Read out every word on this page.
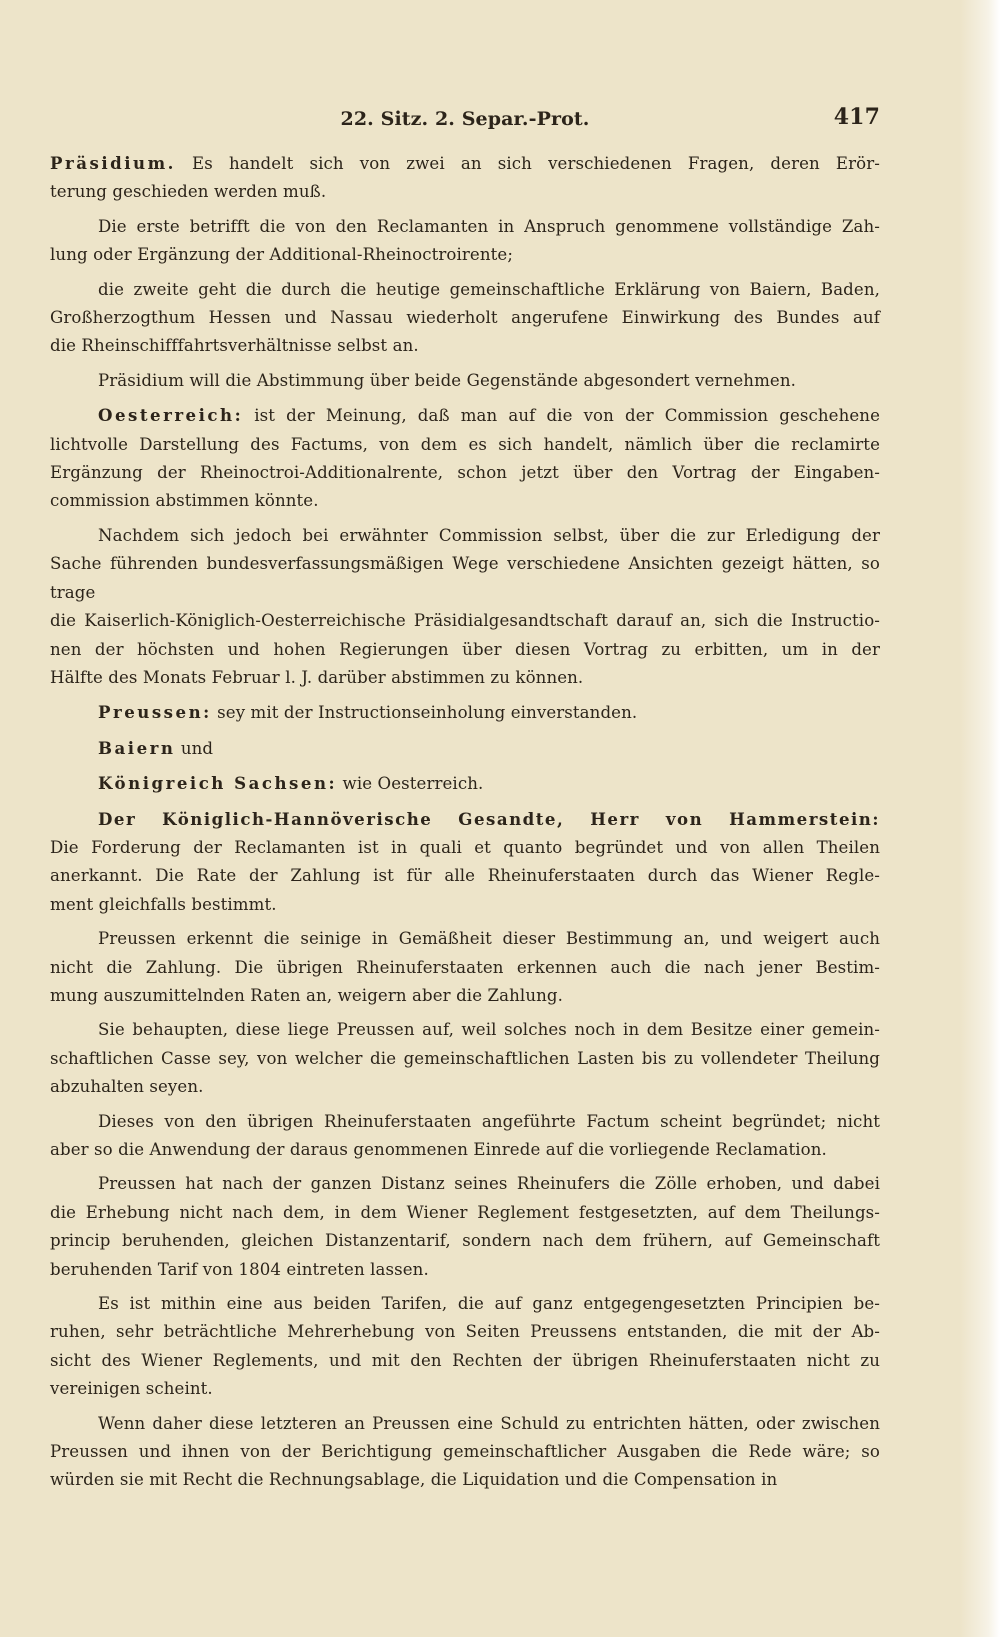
22. Sitz. 2. Separ.-Prot.	417

Präsidium. Es handelt sich von zwei an sich verschiedenen Fragen, deren Erör-
terung geschieden werden muß.

Die erste betrifft die von den Reclamanten in Anspruch genommene vollständige Zah-
lung oder Ergänzung der Additional-Rheinoctroirente;

die zweite geht die durch die heutige gemeinschaftliche Erklärung von Baiern, Baden,
Großherzogthum Hessen und Nassau wiederholt angerufene Einwirkung des Bundes auf
die Rheinschifffahrtsverhältnisse selbst an.

Präsidium will die Abstimmung über beide Gegenstände abgesondert vernehmen.

Oesterreich: ist der Meinung, daß man auf die von der Commission geschehene
lichtvolle Darstellung des Factums, von dem es sich handelt, nämlich über die reclamirte
Ergänzung der Rheinoctroi-Additionalrente, schon jetzt über den Vortrag der Eingaben-
commission abstimmen könnte.

Nachdem sich jedoch bei erwähnter Commission selbst, über die zur Erledigung der
Sache führenden bundesverfassungsmäßigen Wege verschiedene Ansichten gezeigt hätten, so trage
die Kaiserlich-Königlich-Oesterreichische Präsidialgesandtschaft darauf an, sich die Instructio-
nen der höchsten und hohen Regierungen über diesen Vortrag zu erbitten, um in der
Hälfte des Monats Februar l. J. darüber abstimmen zu können.

Preussen: sey mit der Instructionseinholung einverstanden.

Baiern und

Königreich Sachsen: wie Oesterreich.

Der Königlich-Hannöverische Gesandte, Herr von Hammerstein:
Die Forderung der Reclamanten ist in quali et quanto begründet und von allen Theilen
anerkannt. Die Rate der Zahlung ist für alle Rheinuferstaaten durch das Wiener Regle-
ment gleichfalls bestimmt.

Preussen erkennt die seinige in Gemäßheit dieser Bestimmung an, und weigert auch
nicht die Zahlung. Die übrigen Rheinuferstaaten erkennen auch die nach jener Bestim-
mung auszumittelnden Raten an, weigern aber die Zahlung.

Sie behaupten, diese liege Preussen auf, weil solches noch in dem Besitze einer gemein-
schaftlichen Casse sey, von welcher die gemeinschaftlichen Lasten bis zu vollendeter Theilung
abzuhalten seyen.

Dieses von den übrigen Rheinuferstaaten angeführte Factum scheint begründet; nicht
aber so die Anwendung der daraus genommenen Einrede auf die vorliegende Reclamation.

Preussen hat nach der ganzen Distanz seines Rheinufers die Zölle erhoben, und dabei
die Erhebung nicht nach dem, in dem Wiener Reglement festgesetzten, auf dem Theilungs-
princip beruhenden, gleichen Distanzentarif, sondern nach dem frühern, auf Gemeinschaft
beruhenden Tarif von 1804 eintreten lassen.

Es ist mithin eine aus beiden Tarifen, die auf ganz entgegengesetzten Principien be-
ruhen, sehr beträchtliche Mehrerhebung von Seiten Preussens entstanden, die mit der Ab-
sicht des Wiener Reglements, und mit den Rechten der übrigen Rheinuferstaaten nicht zu
vereinigen scheint.

Wenn daher diese letzteren an Preussen eine Schuld zu entrichten hätten, oder zwischen
Preussen und ihnen von der Berichtigung gemeinschaftlicher Ausgaben die Rede wäre; so
würden sie mit Recht die Rechnungsablage, die Liquidation und die Compensation in
